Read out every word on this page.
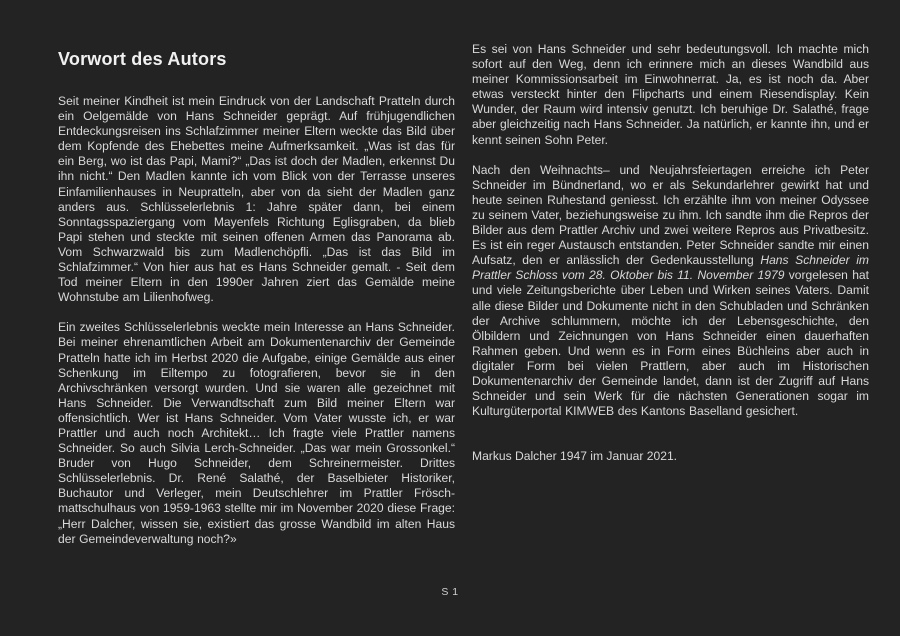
Vorwort des Autors

Seit meiner Kindheit ist mein Eindruck von der Landschaft Pratteln durch ein Oelgemälde von Hans Schneider geprägt. Auf frühjugendlichen Entdeckungsreisen ins Schlafzimmer meiner Eltern weckte das Bild über dem Kopfende des Ehebettes meine Aufmerksamkeit. „Was ist das für ein Berg, wo ist das Papi, Mami?“ „Das ist doch der Madlen, erkennst Du ihn nicht.“ Den Madlen kannte ich vom Blick von der Terrasse unseres Einfamilienhauses in Neupratteln, aber von da sieht der Madlen ganz anders aus. Schlüsselerlebnis 1: Jahre später dann, bei einem Sonntagsspaziergang vom Mayenfels Richtung Eglisgraben, da blieb Papi stehen und steckte mit seinen offenen Armen das Panorama ab. Vom Schwarzwald bis zum Madlenchöpfli. „Das ist das Bild im Schlafzimmer.“ Von hier aus hat es Hans Schneider gemalt. - Seit dem Tod meiner Eltern in den 1990er Jahren ziert das Gemälde meine Wohnstube am Lilienhofweg.

Ein zweites Schlüsselerlebnis weckte mein Interesse an Hans Schneider. Bei meiner ehrenamtlichen Arbeit am Dokumentenarchiv der Gemeinde Pratteln hatte ich im Herbst 2020 die Aufgabe, einige Gemälde aus einer Schenkung im Eiltempo zu fotografieren, bevor sie in den Archivschränken versorgt wurden. Und sie waren alle gezeichnet mit Hans Schneider. Die Verwandtschaft zum Bild meiner Eltern war offensichtlich. Wer ist Hans Schneider. Vom Vater wusste ich, er war Prattler und auch noch Architekt… Ich fragte viele Prattler namens Schneider. So auch Silvia Lerch-Schneider. „Das war mein Grossonkel.“ Bruder von Hugo Schneider, dem Schreinermeister. Drittes Schlüsselerlebnis. Dr. René Salathé, der Baselbieter Historiker, Buchautor und Verleger, mein Deutschlehrer im Prattler Fröschmattschulhaus von 1959-1963 stellte mir im November 2020 diese Frage: „Herr Dalcher, wissen sie, existiert das grosse Wandbild im alten Haus der Gemeindeverwaltung noch?»

Es sei von Hans Schneider und sehr bedeutungsvoll. Ich machte mich sofort auf den Weg, denn ich erinnere mich an dieses Wandbild aus meiner Kommissionsarbeit im Einwohnerrat. Ja, es ist noch da. Aber etwas versteckt hinter den Flipcharts und einem Riesendisplay. Kein Wunder, der Raum wird intensiv genutzt. Ich beruhige Dr. Salathé, frage aber gleichzeitig nach Hans Schneider. Ja natürlich, er kannte ihn, und er kennt seinen Sohn Peter.

Nach den Weihnachts– und Neujahrsfeiertagen erreiche ich Peter Schneider im Bündnerland, wo er als Sekundarlehrer gewirkt hat und heute seinen Ruhestand geniesst. Ich erzählte ihm von meiner Odyssee zu seinem Vater, beziehungsweise zu ihm. Ich sandte ihm die Repros der Bilder aus dem Prattler Archiv und zwei weitere Repros aus Privatbesitz. Es ist ein reger Austausch entstanden. Peter Schneider sandte mir einen Aufsatz, den er anlässlich der Gedenkausstellung Hans Schneider im Prattler Schloss vom 28. Oktober bis 11. November 1979 vorgelesen hat und viele Zeitungsberichte über Leben und Wirken seines Vaters. Damit alle diese Bilder und Dokumente nicht in den Schubladen und Schränken der Archive schlummern, möchte ich der Lebensgeschichte, den Ölbildern und Zeichnungen von Hans Schneider einen dauerhaften Rahmen geben. Und wenn es in Form eines Büchleins aber auch in digitaler Form bei vielen Prattlern, aber auch im Historischen Dokumentenarchiv der Gemeinde landet, dann ist der Zugriff auf Hans Schneider und sein Werk für die nächsten Generationen sogar im Kulturgüterportal KIMWEB des Kantons Baselland gesichert.

Markus Dalcher 1947 im Januar 2021.

S 1
